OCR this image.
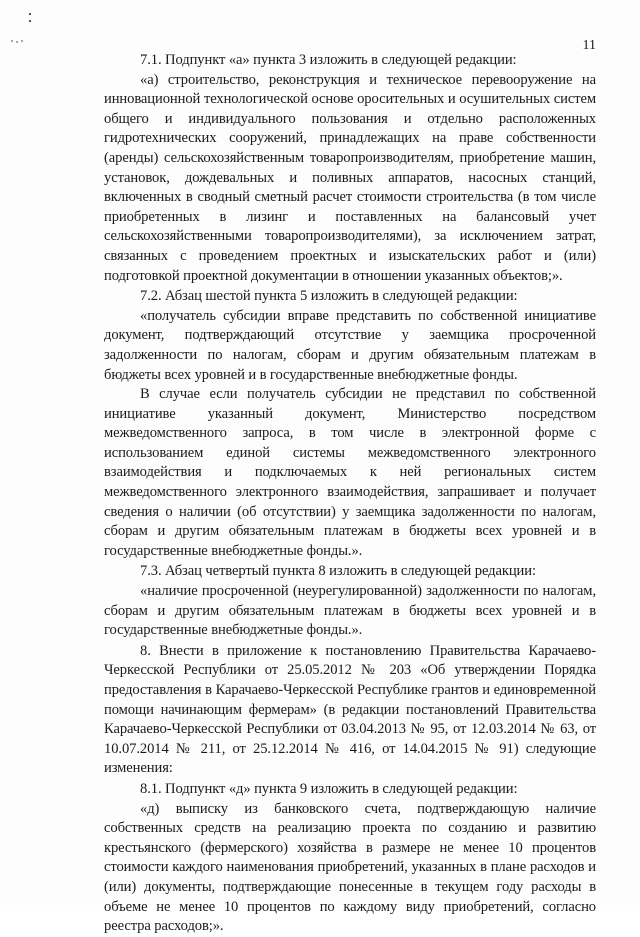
11

7.1. Подпункт «а» пункта 3 изложить в следующей редакции:

«а) строительство, реконструкция и техническое перевооружение на инновационной технологической основе оросительных и осушительных систем общего и индивидуального пользования и отдельно расположенных гидротехнических сооружений, принадлежащих на праве собственности (аренды) сельскохозяйственным товаропроизводителям, приобретение машин, установок, дождевальных и поливных аппаратов, насосных станций, включенных в сводный сметный расчет стоимости строительства (в том числе приобретенных в лизинг и поставленных на балансовый учет сельскохозяйственными товаропроизводителями), за исключением затрат, связанных с проведением проектных и изыскательских работ и (или) подготовкой проектной документации в отношении указанных объектов;».

7.2. Абзац шестой пункта 5 изложить в следующей редакции:

«получатель субсидии вправе представить по собственной инициативе документ, подтверждающий отсутствие у заемщика просроченной задолженности по налогам, сборам и другим обязательным платежам в бюджеты всех уровней и в государственные внебюджетные фонды.

В случае если получатель субсидии не представил по собственной инициативе указанный документ, Министерство посредством межведомственного запроса, в том числе в электронной форме с использованием единой системы межведомственного электронного взаимодействия и подключаемых к ней региональных систем межведомственного электронного взаимодействия, запрашивает и получает сведения о наличии (об отсутствии) у заемщика задолженности по налогам, сборам и другим обязательным платежам в бюджеты всех уровней и в государственные внебюджетные фонды.».

7.3. Абзац четвертый пункта 8 изложить в следующей редакции:

«наличие просроченной (неурегулированной) задолженности по налогам, сборам и другим обязательным платежам в бюджеты всех уровней и в государственные внебюджетные фонды.».

8. Внести в приложение к постановлению Правительства Карачаево-Черкесской Республики от 25.05.2012 № 203 «Об утверждении Порядка предоставления в Карачаево-Черкесской Республике грантов и единовременной помощи начинающим фермерам» (в редакции постановлений Правительства Карачаево-Черкесской Республики от 03.04.2013 № 95, от 12.03.2014 № 63, от 10.07.2014 № 211, от 25.12.2014 № 416, от 14.04.2015 № 91) следующие изменения:

8.1. Подпункт «д» пункта 9 изложить в следующей редакции:

«д) выписку из банковского счета, подтверждающую наличие собственных средств на реализацию проекта по созданию и развитию крестьянского (фермерского) хозяйства в размере не менее 10 процентов стоимости каждого наименования приобретений, указанных в плане расходов и (или) документы, подтверждающие понесенные в текущем году расходы в объеме не менее 10 процентов по каждому виду приобретений, согласно реестра расходов;».
